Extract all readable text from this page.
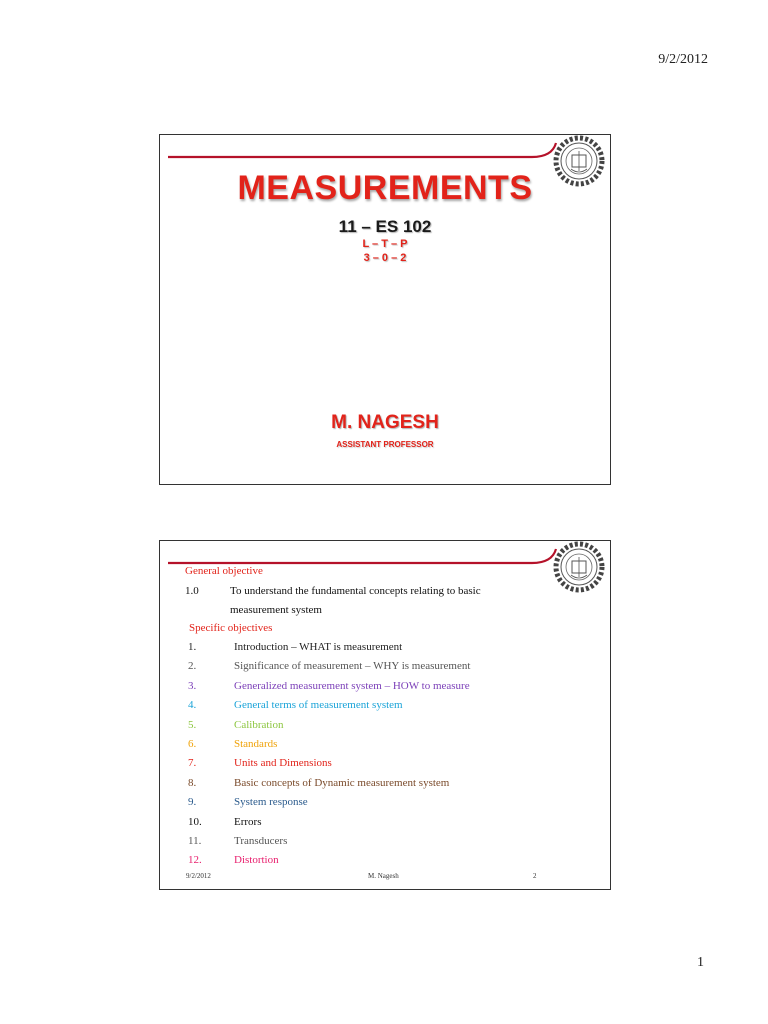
9/2/2012
MEASUREMENTS
11 – ES 102
L – T – P
3 – 0 – 2
M. NAGESH
ASSISTANT PROFESSOR
General objective
1.0	To understand the fundamental concepts relating to basic
measurement system
Specific objectives
1.	Introduction – WHAT is measurement
2.	Significance of measurement – WHY is measurement
3.	Generalized measurement system – HOW to measure
4.	General terms of measurement system
5.	Calibration
6.	Standards
7.	Units and Dimensions
8.	Basic concepts of Dynamic measurement system
9.	System response
10.	Errors
11.	Transducers
12.	Distortion
9/2/2012	M. Nagesh	2
1
